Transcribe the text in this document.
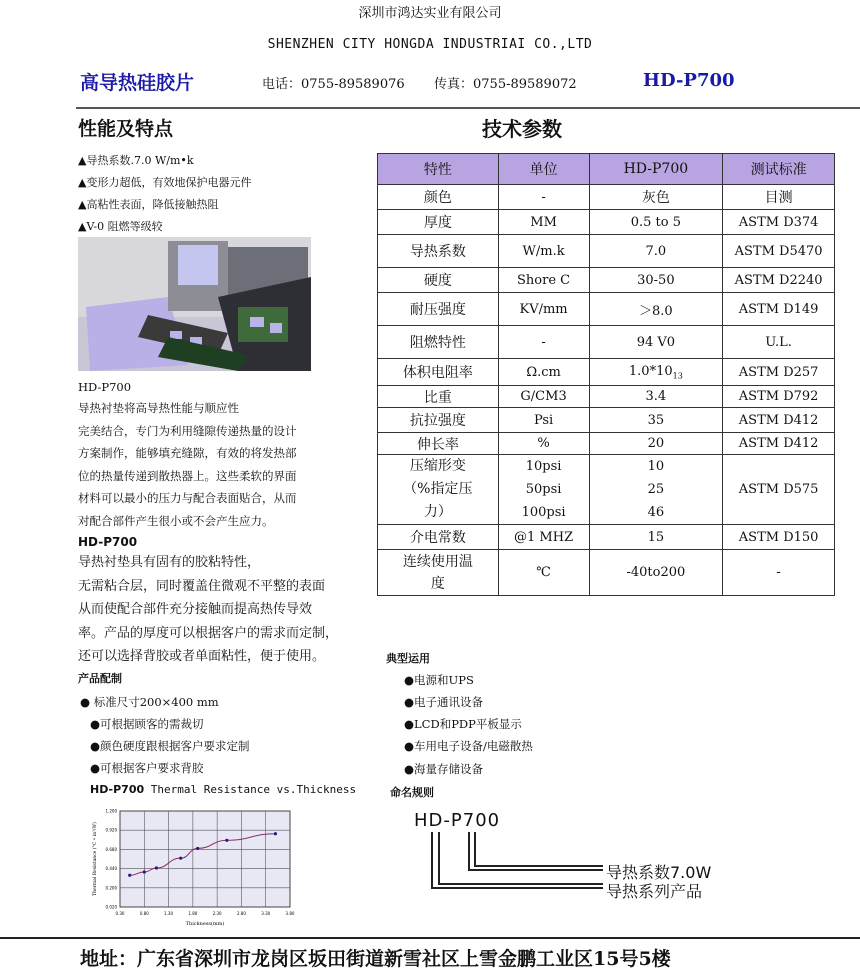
深圳市鸿达实业有限公司
SHENZHEN CITY HONGDA INDUSTRIAI CO.,LTD
高导热硅胶片	电话：0755-89589076 传真：0755-89589072	HD-P700
性能及特点
▲导热系数.7.0 W/m•k
▲变形力超低，有效地保护电器元件
▲高粘性表面，降低接触热阻
▲V-0 阻燃等级较
HD-P700
导热衬垫将高导热性能与顺应性
完美结合，专门为利用缝隙传递热量的设计
方案制作，能够填充缝隙，有效的将发热部
位的热量传递到散热器上。这些柔软的界面
材料可以最小的压力与配合表面贴合，从而
对配合部件产生很小或不会产生应力。
HD-P700
导热衬垫具有固有的胶粘特性，
无需粘合层，同时覆盖住微观不平整的表面
从而使配合部件充分接触而提高热传导效
率。产品的厚度可以根据客户的需求而定制，
还可以选择背胶或者单面粘性，便于使用。
产品配制
● 标准尺寸200×400 mm
●可根据顾客的需裁切
●颜色硬度跟根据客户要求定制
●可根据客户要求背胶
HD-P700 Thermal Resistance vs.Thickness
0.30	0.80	1.30	1.80	2.30	2.80	3.30	3.80
1.200
0.920
0.680
0.440
0.200
0.020
Thickness(mm)
Thermal Resistance (°C • in²/W)
技术参数
特性	单位	HD-P700	测试标准
颜色	-	灰色	目测
厚度	MM	0.5 to 5	ASTM D374
导热系数	W/m.k	7.0	ASTM D5470
硬度	Shore C	30-50	ASTM D2240
耐压强度	KV/mm	＞8.0	ASTM D149
阻燃特性	-	94 V0	U.L.
体积电阻率	Ω.cm	$1.0*10_{13}$	ASTM D257
比重	G/CM3	3.4	ASTM D792
抗拉强度	Psi	35	ASTM D412
伸长率	%	20	ASTM D412

压缩形变
（%指定压
力）	10psi	10	ASTM D575
	50psi	25	
	100psi	46	
介电常数	@1 MHZ	15	ASTM D150

连续使用温
度	℃	-40to200	-
典型运用
●电源和UPS
●电子通讯设备
●LCD和PDP平板显示
●车用电子设备/电磁散热
●海量存储设备
命名规则
HD-P700
导热系数7.0W
导热系列产品
地址：广东省深圳市龙岗区坂田街道新雪社区上雪金鹏工业区15号5楼
